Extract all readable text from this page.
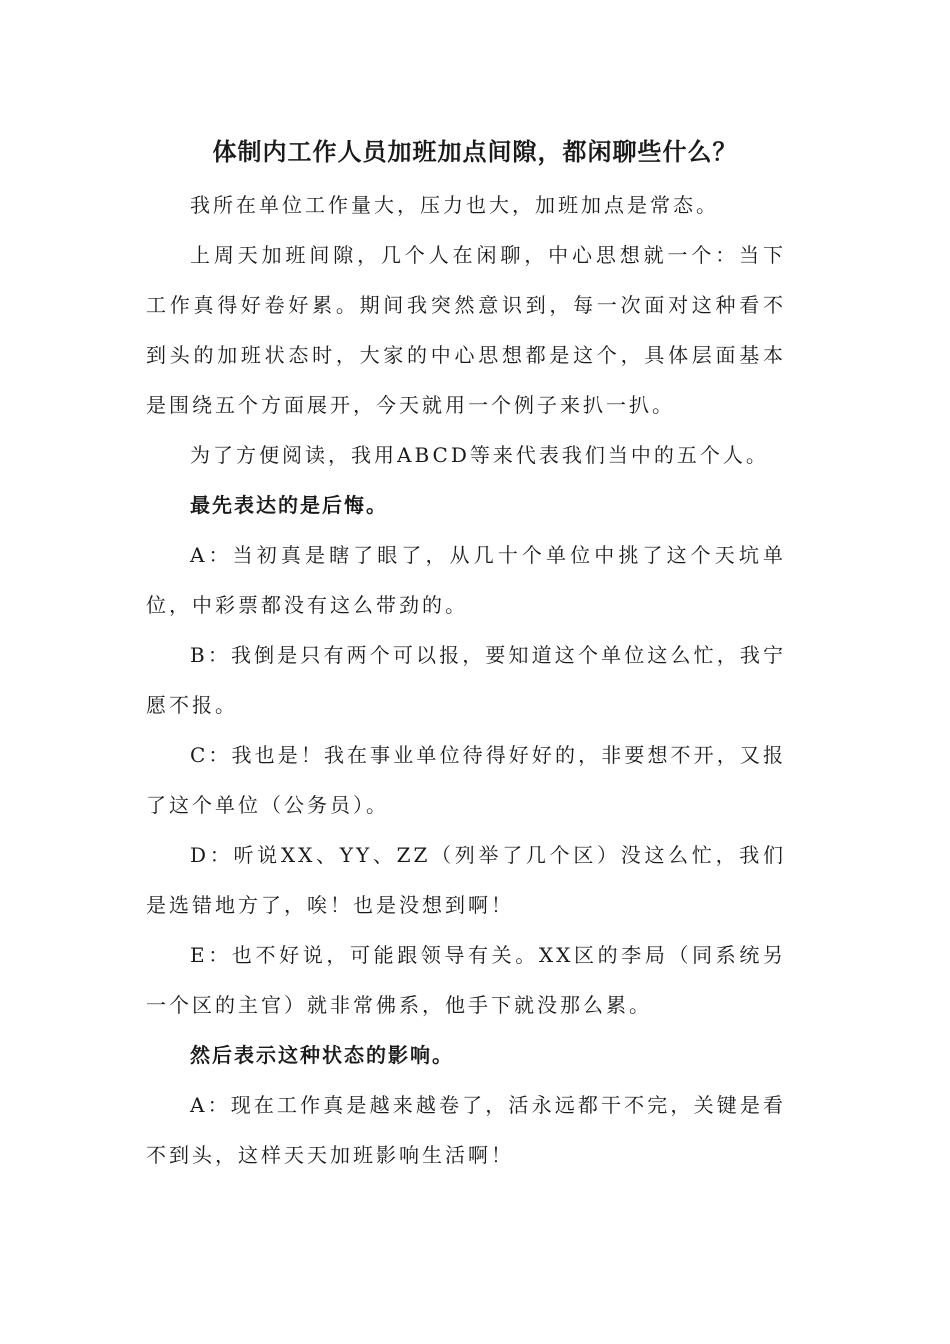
体制内工作人员加班加点间隙，都闲聊些什么？

我所在单位工作量大，压力也大，加班加点是常态。

上周天加班间隙，几个人在闲聊，中心思想就一个：当下工作真得好卷好累。期间我突然意识到，每一次面对这种看不到头的加班状态时，大家的中心思想都是这个，具体层面基本是围绕五个方面展开，今天就用一个例子来扒一扒。

为了方便阅读，我用ABCD等来代表我们当中的五个人。

最先表达的是后悔。

A：当初真是瞎了眼了，从几十个单位中挑了这个天坑单位，中彩票都没有这么带劲的。

B：我倒是只有两个可以报，要知道这个单位这么忙，我宁愿不报。

C：我也是！我在事业单位待得好好的，非要想不开，又报了这个单位（公务员）。

D：听说XX、YY、ZZ（列举了几个区）没这么忙，我们是选错地方了，唉！也是没想到啊！

E：也不好说，可能跟领导有关。XX区的李局（同系统另一个区的主官）就非常佛系，他手下就没那么累。

然后表示这种状态的影响。

A：现在工作真是越来越卷了，活永远都干不完，关键是看不到头，这样天天加班影响生活啊！
